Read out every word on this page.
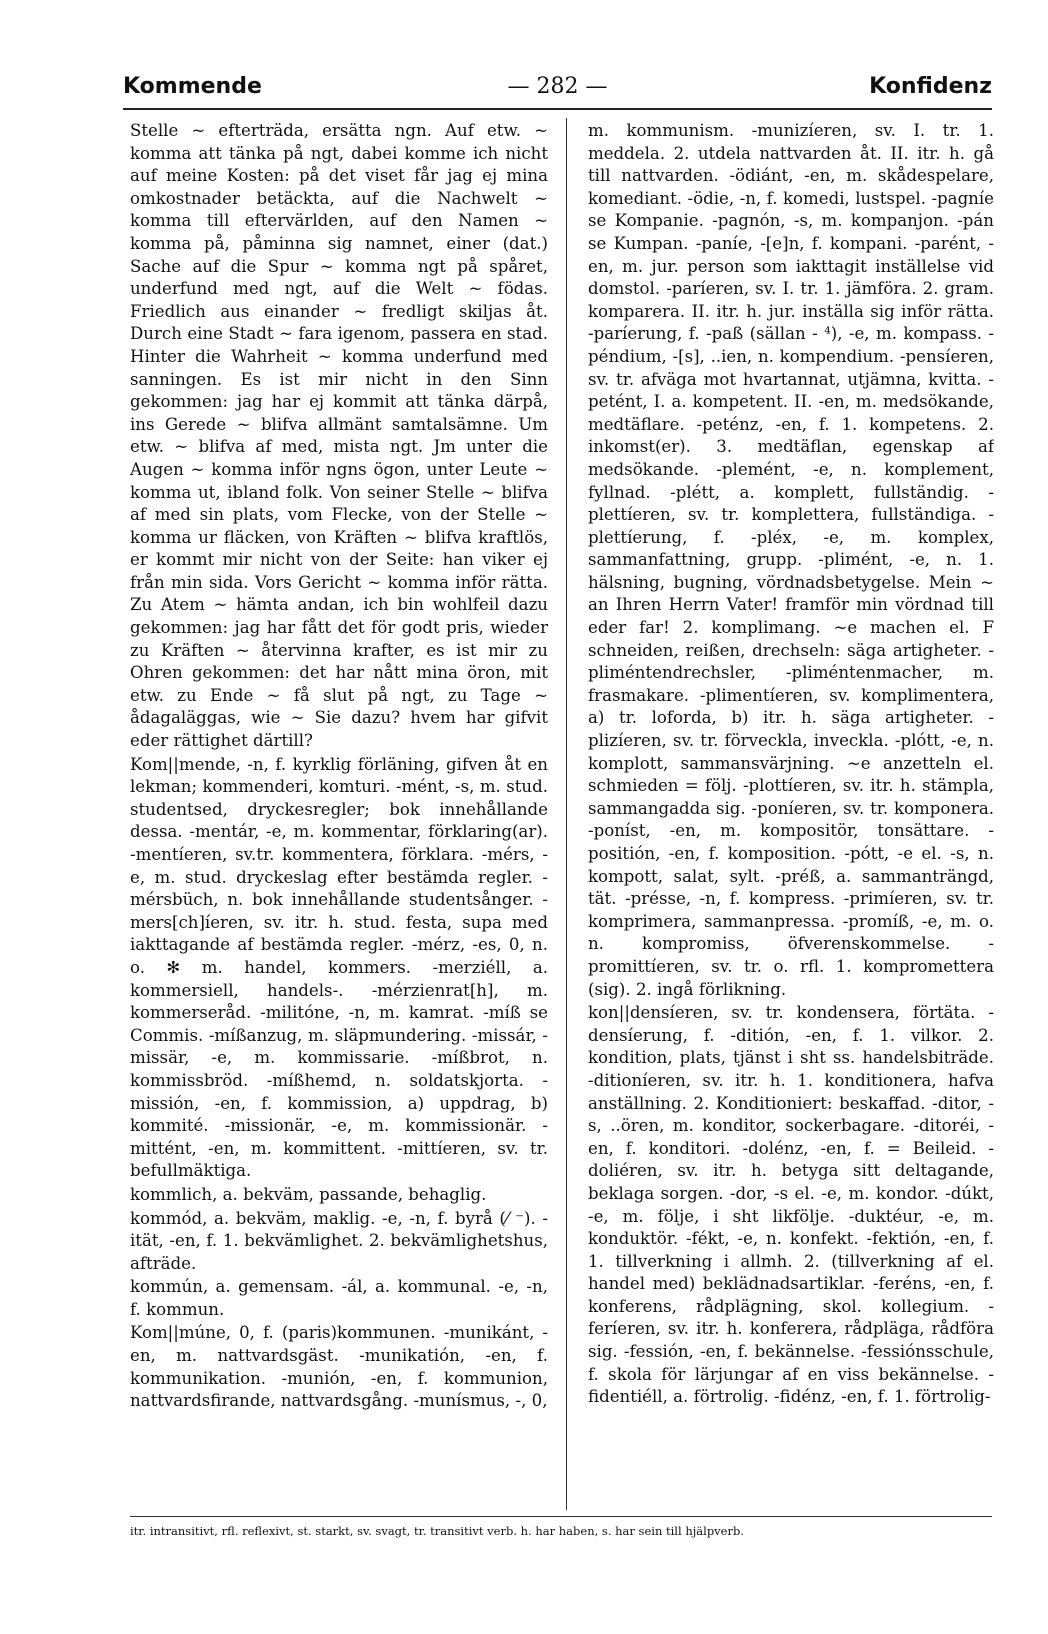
Kommende	— 282 —	Konfidenz

Stelle ~ efterträda, ersätta ngn. Auf etw. ~ komma att tänka på ngt, dabei komme ich nicht auf meine Kosten: på det viset får jag ej mina omkostnader betäckta, auf die Nachwelt ~ komma till eftervärlden, auf den Namen ~ komma på, påminna sig namnet, einer (dat.) Sache auf die Spur ~ komma ngt på spåret, underfund med ngt, auf die Welt ~ födas. Friedlich aus einander ~ fredligt skiljas åt. Durch eine Stadt ~ fara igenom, passera en stad. Hinter die Wahrheit ~ komma underfund med sanningen. Es ist mir nicht in den Sinn gekommen: jag har ej kommit att tänka därpå, ins Gerede ~ blifva allmänt samtalsämne. Um etw. ~ blifva af med, mista ngt. Jm unter die Augen ~ komma inför ngns ögon, unter Leute ~ komma ut, ibland folk. Von seiner Stelle ~ blifva af med sin plats, vom Flecke, von der Stelle ~ komma ur fläcken, von Kräften ~ blifva kraftlös, er kommt mir nicht von der Seite: han viker ej från min sida. Vors Gericht ~ komma inför rätta. Zu Atem ~ hämta andan, ich bin wohlfeil dazu gekommen: jag har fått det för godt pris, wieder zu Kräften ~ återvinna krafter, es ist mir zu Ohren gekommen: det har nått mina öron, mit etw. zu Ende ~ få slut på ngt, zu Tage ~ ådagaläggas, wie ~ Sie dazu? hvem har gifvit eder rättighet därtill?

Kom||mende, -n, f. kyrklig förläning, gifven åt en lekman; kommenderi, komturi. -mént, -s, m. stud. studentsed, dryckesregler; bok innehållande dessa. -mentár, -e, m. kommentar, förklaring(ar). -mentíeren, sv.tr. kommentera, förklara. -mérs, -e, m. stud. dryckeslag efter bestämda regler. -mérsbüch, n. bok innehållande studentsånger. -mers[ch]íeren, sv. itr. h. stud. festa, supa med iakttagande af bestämda regler. -mérz, -es, 0, n. o. ✻ m. handel, kommers. -merziéll, a. kommersiell, handels-. -mérzienrat[h], m. kommerseråd. -militóne, -n, m. kamrat. -míß se Commis. -míßanzug, m. släpmundering. -missár, -missär, -e, m. kommissarie. -míßbrot, n. kommissbröd. -míßhemd, n. soldatskjorta. -missión, -en, f. kommission, a) uppdrag, b) kommité. -missionär, -e, m. kommissionär. -mittént, -en, m. kommittent. -mittíeren, sv. tr. befullmäktiga.

kommlich, a. bekväm, passande, behaglig.

kommód, a. bekväm, maklig. -e, -n, f. byrå (⁄ ⁻). -ität, -en, f. 1. bekvämlighet. 2. bekvämlighetshus, afträde.

kommún, a. gemensam. -ál, a. kommunal. -e, -n, f. kommun.

Kom||múne, 0, f. (paris)kommunen. -munikánt, -en, m. nattvardsgäst. -munikatión, -en, f. kommunikation. -munión, -en, f. kommunion, nattvardsfirande, nattvardsgång. -munísmus, -, 0,

m. kommunism. -munizíeren, sv. I. tr. 1. meddela. 2. utdela nattvarden åt. II. itr. h. gå till nattvarden. -ödiánt, -en, m. skådespelare, komediant. -ödie, -n, f. komedi, lustspel. -pagníe se Kompanie. -pagnón, -s, m. kompanjon. -pán se Kumpan. -paníe, -[e]n, f. kompani. -parént, -en, m. jur. person som iakttagit inställelse vid domstol. -paríeren, sv. I. tr. 1. jämföra. 2. gram. komparera. II. itr. h. jur. inställa sig inför rätta. -paríerung, f. -paß (sällan - ⁴), -e, m. kompass. -péndium, -[s], ..ien, n. kompendium. -pensíeren, sv. tr. afväga mot hvartannat, utjämna, kvitta. -petént, I. a. kompetent. II. -en, m. medsökande, medtäflare. -peténz, -en, f. 1. kompetens. 2. inkomst(er). 3. medtäflan, egenskap af medsökande. -plemént, -e, n. komplement, fyllnad. -plétt, a. komplett, fullständig. -plettíeren, sv. tr. komplettera, fullständiga. -plettíerung, f. -pléx, -e, m. komplex, sammanfattning, grupp. -plimént, -e, n. 1. hälsning, bugning, vördnadsbetygelse. Mein ~ an Ihren Herrn Vater! framför min vördnad till eder far! 2. komplimang. ~e machen el. F schneiden, reißen, drechseln: säga artigheter. -pliméntendrechsler, -pliméntenmacher, m. frasmakare. -plimentíeren, sv. komplimentera, a) tr. loforda, b) itr. h. säga artigheter. -plizíeren, sv. tr. förveckla, inveckla. -plótt, -e, n. komplott, sammansvärjning. ~e anzetteln el. schmieden = följ. -plottíeren, sv. itr. h. stämpla, sammangadda sig. -poníeren, sv. tr. komponera. -poníst, -en, m. kompositör, tonsättare. -positión, -en, f. komposition. -pótt, -e el. -s, n. kompott, salat, sylt. -préß, a. sammanträngd, tät. -présse, -n, f. kompress. -primíeren, sv. tr. komprimera, sammanpressa. -promíß, -e, m. o. n. kompromiss, öfverenskommelse. -promittíeren, sv. tr. o. rfl. 1. kompromettera (sig). 2. ingå förlikning.

kon||densíeren, sv. tr. kondensera, förtäta. -densíerung, f. -ditión, -en, f. 1. vilkor. 2. kondition, plats, tjänst i sht ss. handelsbiträde. -ditioníeren, sv. itr. h. 1. konditionera, hafva anställning. 2. Konditioniert: beskaffad. -ditor, -s, ..ören, m. konditor, sockerbagare. -ditoréi, -en, f. konditori. -dolénz, -en, f. = Beileid. -doliéren, sv. itr. h. betyga sitt deltagande, beklaga sorgen. -dor, -s el. -e, m. kondor. -dúkt, -e, m. följe, i sht likfölje. -duktéur, -e, m. konduktör. -fékt, -e, n. konfekt. -fektión, -en, f. 1. tillverkning i allmh. 2. (tillverkning af el. handel med) beklädnadsartiklar. -feréns, -en, f. konferens, rådplägning, skol. kollegium. -feríeren, sv. itr. h. konferera, rådpläga, rådföra sig. -fessión, -en, f. bekännelse. -fessiónsschule, f. skola för lärjungar af en viss bekännelse. -fidentiéll, a. förtrolig. -fidénz, -en, f. 1. förtrolig-

itr. intransitivt, rfl. reflexivt, st. starkt, sv. svagt, tr. transitivt verb. h. har haben, s. har sein till hjälpverb.
